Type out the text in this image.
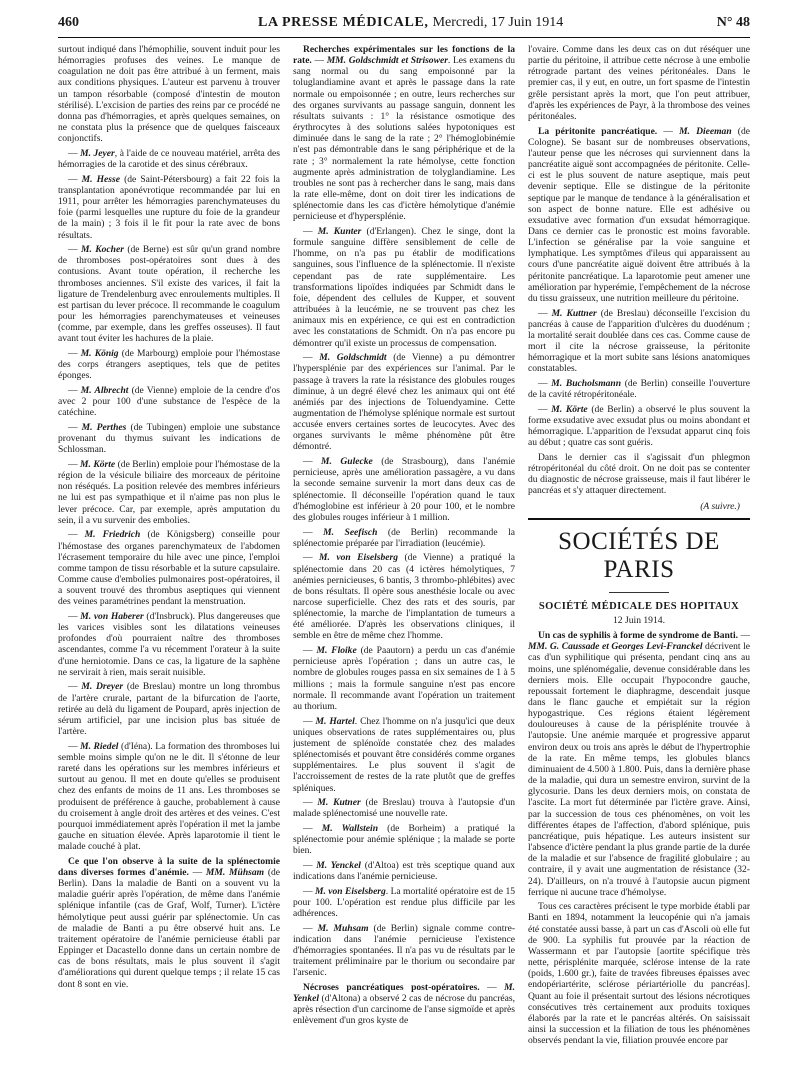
460	LA PRESSE MÉDICALE, Mercredi, 17 Juin 1914	N° 48

surtout indiqué dans l'hémophilie, souvent induit pour les hémorragies profuses des veines. Le manque de coagulation ne doit pas être attribué à un ferment, mais aux conditions physiques. L'auteur est parvenu à trouver un tampon résorbable (composé d'intestin de mouton stérilisé). L'excision de parties des reins par ce procédé ne donna pas d'hémorragies, et après quelques semaines, on ne constata plus la présence que de quelques faisceaux conjonctifs.

— M. Jeyer, à l'aide de ce nouveau matériel, arrêta des hémorragies de la carotide et des sinus cérébraux.

— M. Hesse (de Saint-Pétersbourg) a fait 22 fois la transplantation aponévrotique recommandée par lui en 1911, pour arrêter les hémorragies parenchymateuses du foie (parmi lesquelles une rupture du foie de la grandeur de la main) ; 3 fois il le fit pour la rate avec de bons résultats.

— M. Kocher (de Berne) est sûr qu'un grand nombre de thromboses post-opératoires sont dues à des contusions. Avant toute opération, il recherche les thromboses anciennes. S'il existe des varices, il fait la ligature de Trendelenburg avec enroulements multiples. Il est partisan du lever précoce. Il recommande le coagulum pour les hémorragies parenchymateuses et veineuses (comme, par exemple, dans les greffes osseuses). Il faut avant tout éviter les hachures de la plaie.

— M. König (de Marbourg) emploie pour l'hémostase des corps étrangers aseptiques, tels que de petites éponges.

— M. Albrecht (de Vienne) emploie de la cendre d'os avec 2 pour 100 d'une substance de l'espèce de la catéchine.

— M. Perthes (de Tubingen) emploie une substance provenant du thymus suivant les indications de Schlossman.

— M. Körte (de Berlin) emploie pour l'hémostase de la région de la vésicule biliaire des morceaux de péritoine non réséqués. La position relevée des membres inférieurs ne lui est pas sympathique et il n'aime pas non plus le lever précoce. Car, par exemple, après amputation du sein, il a vu survenir des embolies.

— M. Friedrich (de Königsberg) conseille pour l'hémostase des organes parenchymateux de l'abdomen l'écrasement temporaire du hile avec une pince, l'emploi comme tampon de tissu résorbable et la suture capsulaire. Comme cause d'embolies pulmonaires post-opératoires, il a souvent trouvé des thrombus aseptiques qui viennent des veines paramétrines pendant la menstruation.

— M. von Haberer (d'Insbruck). Plus dangereuses que les varices visibles sont les dilatations veineuses profondes d'où pourraient naître des thromboses ascendantes, comme l'a vu récemment l'orateur à la suite d'une herniotomie. Dans ce cas, la ligature de la saphène ne servirait à rien, mais serait nuisible.

— M. Dreyer (de Breslau) montre un long thrombus de l'artère crurale, partant de la bifurcation de l'aorte, retirée au delà du ligament de Poupard, après injection de sérum artificiel, par une incision plus bas située de l'artère.

— M. Riedel (d'Iéna). La formation des thromboses lui semble moins simple qu'on ne le dit. Il s'étonne de leur rareté dans les opérations sur les membres inférieurs et surtout au genou. Il met en doute qu'elles se produisent chez des enfants de moins de 11 ans. Les thromboses se produisent de préférence à gauche, probablement à cause du croisement à angle droit des artères et des veines. C'est pourquoi immédiatement après l'opération il met la jambe gauche en situation élevée. Après laparotomie il tient le malade couché à plat.

Ce que l'on observe à la suite de la splénectomie dans diverses formes d'anémie. — MM. Mühsam (de Berlin). Dans la maladie de Banti on a souvent vu la maladie guérir après l'opération, de même dans l'anémie splénique infantile (cas de Graf, Wolf, Turner). L'ictère hémolytique peut aussi guérir par splénectomie. Un cas de maladie de Banti a pu être observé huit ans. Le traitement opératoire de l'anémie pernicieuse établi par Eppinger et Dacastello donne dans un certain nombre de cas de bons résultats, mais le plus souvent il s'agit d'améliorations qui durent quelque temps ; il relate 15 cas dont 8 sont en vie.

Recherches expérimentales sur les fonctions de la rate. — MM. Goldschmidt et Strisower. Les examens du sang normal ou du sang empoisonné par la toluglandiamine avant et après le passage dans la rate normale ou empoisonnée ; en outre, leurs recherches sur des organes survivants au passage sanguin, donnent les résultats suivants : 1° la résistance osmotique des érythrocytes à des solutions salées hypotoniques est diminuée dans le sang de la rate ; 2° l'hémoglobinémie n'est pas démontrable dans le sang périphérique et de la rate ; 3° normalement la rate hémolyse, cette fonction augmente après administration de tolyglandiamine. Les troubles ne sont pas à rechercher dans le sang, mais dans la rate elle-même, dont on doit tirer les indications de splénectomie dans les cas d'ictère hémolytique d'anémie pernicieuse et d'hypersplénie.

— M. Kunter (d'Erlangen). Chez le singe, dont la formule sanguine diffère sensiblement de celle de l'homme, on n'a pas pu établir de modifications sanguines, sous l'influence de la splénectomie. Il n'existe cependant pas de rate supplémentaire. Les transformations lipoïdes indiquées par Schmidt dans le foie, dépendent des cellules de Kupper, et souvent attribuées à la leucémie, ne se trouvent pas chez les animaux mis en expérience, ce qui est en contradiction avec les constatations de Schmidt. On n'a pas encore pu démontrer qu'il existe un processus de compensation.

— M. Goldschmidt (de Vienne) a pu démontrer l'hypersplénie par des expériences sur l'animal. Par le passage à travers la rate la résistance des globules rouges diminue, à un degré élevé chez les animaux qui ont été anémiés par des injections de Toluendyamine. Cette augmentation de l'hémolyse splénique normale est surtout accusée envers certaines sortes de leucocytes. Avec des organes survivants le même phénomène pût être démontré.

— M. Gulecke (de Strasbourg), dans l'anémie pernicieuse, après une amélioration passagère, a vu dans la seconde semaine survenir la mort dans deux cas de splénectomie. Il déconseille l'opération quand le taux d'hémoglobine est inférieur à 20 pour 100, et le nombre des globules rouges inférieur à 1 million.

— M. Seefisch (de Berlin) recommande la splénectomie préparée par l'irradiation (leucémie).

— M. von Eiselsberg (de Vienne) a pratiqué la splénectomie dans 20 cas (4 ictères hémolytiques, 7 anémies pernicieuses, 6 bantis, 3 thrombo-phlébites) avec de bons résultats. Il opère sous anesthésie locale ou avec narcose superficielle. Chez des rats et des souris, par splénectomie, la marche de l'implantation de tumeurs a été améliorée. D'après les observations cliniques, il semble en être de même chez l'homme.

— M. Floike (de Paautorn) a perdu un cas d'anémie pernicieuse après l'opération ; dans un autre cas, le nombre de globules rouges passa en six semaines de 1 à 5 millions ; mais la formule sanguine n'est pas encore normale. Il recommande avant l'opération un traitement au thorium.

— M. Hartel. Chez l'homme on n'a jusqu'ici que deux uniques observations de rates supplémentaires ou, plus justement de splénoïde constatée chez des malades splénectomisés et pouvant être considérés comme organes supplémentaires. Le plus souvent il s'agit de l'accroissement de restes de la rate plutôt que de greffes spléniques.

— M. Kutner (de Breslau) trouva à l'autopsie d'un malade splénectomisé une nouvelle rate.

— M. Wallstein (de Borheim) a pratiqué la splénectomie pour anémie splénique ; la malade se porte bien.

— M. Yenckel (d'Altoa) est très sceptique quand aux indications dans l'anémie pernicieuse.

— M. von Eiselsberg. La mortalité opératoire est de 15 pour 100. L'opération est rendue plus difficile par les adhérences.

— M. Muhsam (de Berlin) signale comme contre-indication dans l'anémie pernicieuse l'existence d'hémorragies spontanées. Il n'a pas vu de résultats par le traitement préliminaire par le thorium ou secondaire par l'arsenic.

Nécroses pancréatiques post-opératoires. — M. Yenkel (d'Altona) a observé 2 cas de nécrose du pancréas, après résection d'un carcinome de l'anse sigmoïde et après enlèvement d'un gros kyste de

l'ovaire. Comme dans les deux cas on dut réséquer une partie du péritoine, il attribue cette nécrose à une embolie rétrograde partant des veines péritonéales. Dans le premier cas, il y eut, en outre, un fort spasme de l'intestin grêle persistant après la mort, que l'on peut attribuer, d'après les expériences de Payr, à la thrombose des veines péritonéales.

La péritonite pancréatique. — M. Dieeman (de Cologne). Se basant sur de nombreuses observations, l'auteur pense que les nécroses qui surviennent dans la pancréatite aiguë sont accompagnées de péritonite. Celle-ci est le plus souvent de nature aseptique, mais peut devenir septique. Elle se distingue de la péritonite septique par le manque de tendance à la généralisation et son aspect de bonne nature. Elle est adhésive ou exsudative avec formation d'un exsudat hémorragique. Dans ce dernier cas le pronostic est moins favorable. L'infection se généralise par la voie sanguine et lymphatique. Les symptômes d'ileus qui apparaissent au cours d'une pancréatite aiguë doivent être attribués à la péritonite pancréatique. La laparotomie peut amener une amélioration par hyperémie, l'empêchement de la nécrose du tissu graisseux, une nutrition meilleure du péritoine.

— M. Kuttner (de Breslau) déconseille l'excision du pancréas à cause de l'apparition d'ulcères du duodénum ; la mortalité serait doublée dans ces cas. Comme cause de mort il cite la nécrose graisseuse, la péritonite hémorragique et la mort subite sans lésions anatomiques constatables.

— M. Bucholsmann (de Berlin) conseille l'ouverture de la cavité rétropéritonéale.

— M. Körte (de Berlin) a observé le plus souvent la forme exsudative avec exsudat plus ou moins abondant et hémorragique. L'apparition de l'exsudat apparut cinq fois au début ; quatre cas sont guéris.

Dans le dernier cas il s'agissait d'un phlegmon rétropéritonéal du côté droit. On ne doit pas se contenter du diagnostic de nécrose graisseuse, mais il faut libérer le pancréas et s'y attaquer directement.

(A suivre.)
SOCIÉTÉS DE PARIS
SOCIÉTÉ MÉDICALE DES HOPITAUX
12 Juin 1914.

Un cas de syphilis à forme de syndrome de Banti. — MM. G. Caussade et Georges Levi-Franckel décrivent le cas d'un syphilitique qui présenta, pendant cinq ans au moins, une splénomégalie, devenue considérable dans les derniers mois. Elle occupait l'hypocondre gauche, repoussait fortement le diaphragme, descendait jusque dans le flanc gauche et empiétait sur la région hypogastrique. Ces régions étaient légèrement douloureuses à cause de la périsplénite trouvée à l'autopsie. Une anémie marquée et progressive apparut environ deux ou trois ans après le début de l'hypertrophie de la rate. En même temps, les globules blancs diminuaient de 4.500 à 1.800. Puis, dans la dernière phase de la maladie, qui dura un semestre environ, survint de la glycosurie. Dans les deux derniers mois, on constata de l'ascite. La mort fut déterminée par l'ictère grave. Ainsi, par la succession de tous ces phénomènes, on voit les différentes étapes de l'affection, d'abord splénique, puis pancréatique, puis hépatique. Les auteurs insistent sur l'absence d'ictère pendant la plus grande partie de la durée de la maladie et sur l'absence de fragilité globulaire ; au contraire, il y avait une augmentation de résistance (32-24). D'ailleurs, on n'a trouvé à l'autopsie aucun pigment ferrique ni aucune trace d'hémolyse.

Tous ces caractères précisent le type morbide établi par Banti en 1894, notamment la leucopénie qui n'a jamais été constatée aussi basse, à part un cas d'Ascoli où elle fut de 900. La syphilis fut prouvée par la réaction de Wassermann et par l'autopsie [aortite spécifique très nette, périsplénite marquée, sclérose intense de la rate (poids, 1.600 gr.), faite de travées fibreuses épaisses avec endopériartérite, sclérose périartériolle du pancréas]. Quant au foie il présentait surtout des lésions nécrotiques consécutives très certainement aux produits toxiques élaborés par la rate et le pancréas altérés. On saisissait ainsi la succession et la filiation de tous les phénomènes observés pendant la vie, filiation prouvée encore par
